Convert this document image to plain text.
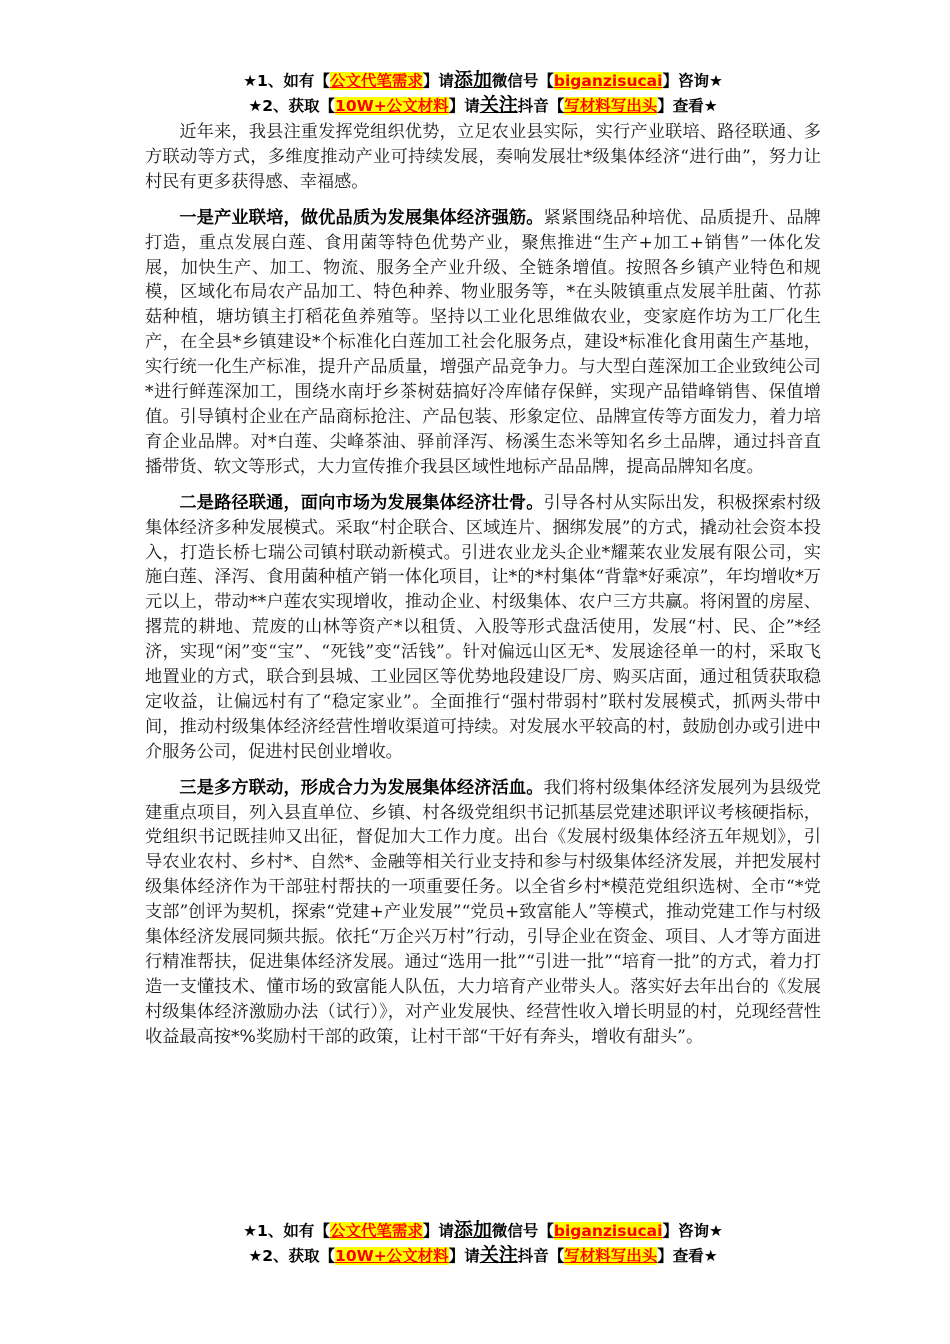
★1、如有【公文代笔需求】请添加微信号【biganzisucai】咨询★
★2、获取【10W+公文材料】请关注抖音【写材料写出头】查看★

近年来，我县注重发挥党组织优势，立足农业县实际，实行产业联培、路径联通、多方联动等方式，多维度推动产业可持续发展，奏响发展壮*级集体经济“进行曲”，努力让村民有更多获得感、幸福感。

一是产业联培，做优品质为发展集体经济强筋。紧紧围绕品种培优、品质提升、品牌打造，重点发展白莲、食用菌等特色优势产业，聚焦推进“生产+加工+销售”一体化发展，加快生产、加工、物流、服务全产业升级、全链条增值。按照各乡镇产业特色和规模，区域化布局农产品加工、特色种养、物业服务等，*在头陂镇重点发展羊肚菌、竹荪菇种植，塘坊镇主打稻花鱼养殖等。坚持以工业化思维做农业，变家庭作坊为工厂化生产，在全县*乡镇建设*个标准化白莲加工社会化服务点，建设*标准化食用菌生产基地，实行统一化生产标准，提升产品质量，增强产品竞争力。与大型白莲深加工企业致纯公司*进行鲜莲深加工，围绕水南圩乡茶树菇搞好冷库储存保鲜，实现产品错峰销售、保值增值。引导镇村企业在产品商标抢注、产品包装、形象定位、品牌宣传等方面发力，着力培育企业品牌。对*白莲、尖峰茶油、驿前泽泻、杨溪生态米等知名乡土品牌，通过抖音直播带货、软文等形式，大力宣传推介我县区域性地标产品品牌，提高品牌知名度。

二是路径联通，面向市场为发展集体经济壮骨。引导各村从实际出发，积极探索村级集体经济多种发展模式。采取“村企联合、区域连片、捆绑发展”的方式，撬动社会资本投入，打造长桥七瑞公司镇村联动新模式。引进农业龙头企业*耀莱农业发展有限公司，实施白莲、泽泻、食用菌种植产销一体化项目，让*的*村集体“背靠*好乘凉”，年均增收*万元以上，带动**户莲农实现增收，推动企业、村级集体、农户三方共赢。将闲置的房屋、撂荒的耕地、荒废的山林等资产*以租赁、入股等形式盘活使用，发展“村、民、企”*经济，实现“闲”变“宝”、“死钱”变“活钱”。针对偏远山区无*、发展途径单一的村，采取飞地置业的方式，联合到县城、工业园区等优势地段建设厂房、购买店面，通过租赁获取稳定收益，让偏远村有了“稳定家业”。全面推行“强村带弱村”联村发展模式，抓两头带中间，推动村级集体经济经营性增收渠道可持续。对发展水平较高的村，鼓励创办或引进中介服务公司，促进村民创业增收。

三是多方联动，形成合力为发展集体经济活血。我们将村级集体经济发展列为县级党建重点项目，列入县直单位、乡镇、村各级党组织书记抓基层党建述职评议考核硬指标，党组织书记既挂帅又出征，督促加大工作力度。出台《发展村级集体经济五年规划》，引导农业农村、乡村*、自然*、金融等相关行业支持和参与村级集体经济发展，并把发展村级集体经济作为干部驻村帮扶的一项重要任务。以全省乡村*模范党组织选树、全市“*党支部”创评为契机，探索“党建+产业发展”“党员+致富能人”等模式，推动党建工作与村级集体经济发展同频共振。依托“万企兴万村”行动，引导企业在资金、项目、人才等方面进行精准帮扶，促进集体经济发展。通过“选用一批”“引进一批”“培育一批”的方式，着力打造一支懂技术、懂市场的致富能人队伍，大力培育产业带头人。落实好去年出台的《发展村级集体经济激励办法（试行）》，对产业发展快、经营性收入增长明显的村，兑现经营性收益最高按*%奖励村干部的政策，让村干部“干好有奔头，增收有甜头”。

★1、如有【公文代笔需求】请添加微信号【biganzisucai】咨询★
★2、获取【10W+公文材料】请关注抖音【写材料写出头】查看★
